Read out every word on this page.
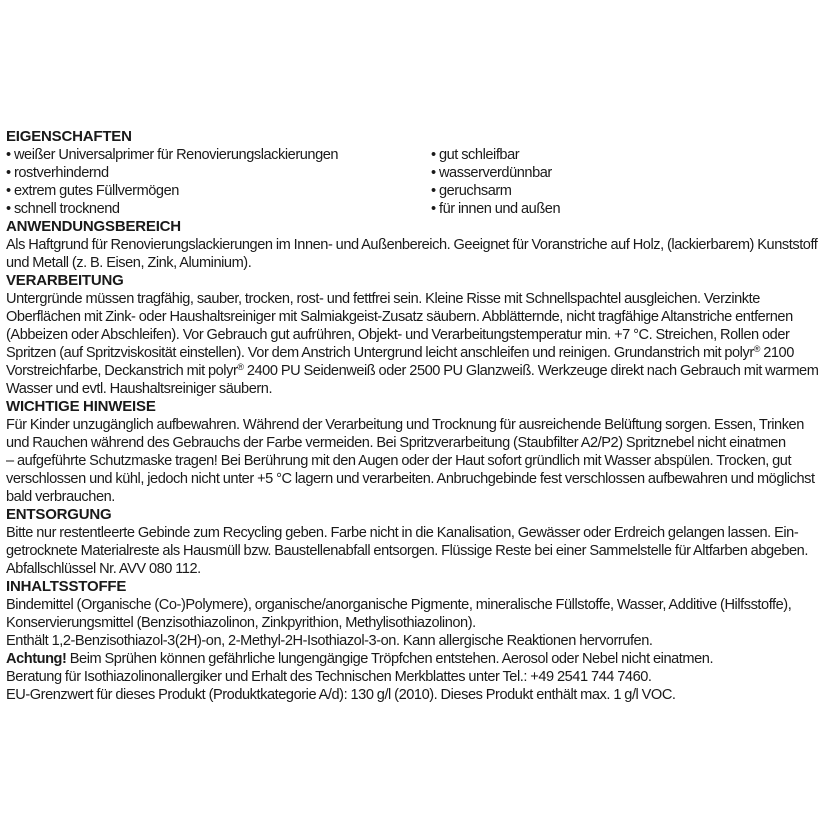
EIGENSCHAFTEN
• weißer Universalprimer für Renovierungslackierungen
• rostverhindernd
• extrem gutes Füllvermögen
• schnell trocknend
• gut schleifbar
• wasserverdünnbar
• geruchsarm
• für innen und außen
ANWENDUNGSBEREICH

Als Haftgrund für Renovierungslackierungen im Innen- und Außenbereich. Geeignet für Voranstriche auf Holz, (lackierbarem) Kunststoff
und Metall (z. B. Eisen, Zink, Aluminium).

VERARBEITUNG

Untergründe müssen tragfähig, sauber, trocken, rost- und fettfrei sein. Kleine Risse mit Schnellspachtel ausgleichen. Verzinkte
Oberflächen mit Zink- oder Haushaltsreiniger mit Salmiakgeist-Zusatz säubern. Abblätternde, nicht tragfähige Altanstriche entfernen
(Abbeizen oder Abschleifen). Vor Gebrauch gut aufrühren, Objekt- und Verarbeitungstemperatur min. +7 °C. Streichen, Rollen oder
Spritzen (auf Spritzviskosität einstellen). Vor dem Anstrich Untergrund leicht anschleifen und reinigen. Grundanstrich mit polyr® 2100
Vorstreichfarbe, Deckanstrich mit polyr® 2400 PU Seidenweiß oder 2500 PU Glanzweiß. Werkzeuge direkt nach Gebrauch mit warmem
Wasser und evtl. Haushaltsreiniger säubern.

WICHTIGE HINWEISE

Für Kinder unzugänglich aufbewahren. Während der Verarbeitung und Trocknung für ausreichende Belüftung sorgen. Essen, Trinken
und Rauchen während des Gebrauchs der Farbe vermeiden. Bei Spritzverarbeitung (Staubfilter A2/P2) Spritznebel nicht einatmen
– aufgeführte Schutzmaske tragen! Bei Berührung mit den Augen oder der Haut sofort gründlich mit Wasser abspülen. Trocken, gut
verschlossen und kühl, jedoch nicht unter +5 °C lagern und verarbeiten. Anbruchgebinde fest verschlossen aufbewahren und möglichst
bald verbrauchen.

ENTSORGUNG

Bitte nur restentleerte Gebinde zum Recycling geben. Farbe nicht in die Kanalisation, Gewässer oder Erdreich gelangen lassen. Ein-
getrocknete Materialreste als Hausmüll bzw. Baustellenabfall entsorgen. Flüssige Reste bei einer Sammelstelle für Altfarben abgeben.
Abfallschlüssel Nr. AVV 080 112.

INHALTSSTOFFE

Bindemittel (Organische (Co-)Polymere), organische/anorganische Pigmente, mineralische Füllstoffe, Wasser, Additive (Hilfsstoffe),
Konservierungsmittel (Benzisothiazolinon, Zinkpyrithion, Methylisothiazolinon).
Enthält 1,2-Benzisothiazol-3(2H)-on, 2-Methyl-2H-Isothiazol-3-on. Kann allergische Reaktionen hervorrufen.
Achtung! Beim Sprühen können gefährliche lungengängige Tröpfchen entstehen. Aerosol oder Nebel nicht einatmen.
Beratung für Isothiazolinonallergiker und Erhalt des Technischen Merkblattes unter Tel.: +49 2541 744 7460.
EU-Grenzwert für dieses Produkt (Produktkategorie A/d): 130 g/l (2010). Dieses Produkt enthält max. 1 g/l VOC.
